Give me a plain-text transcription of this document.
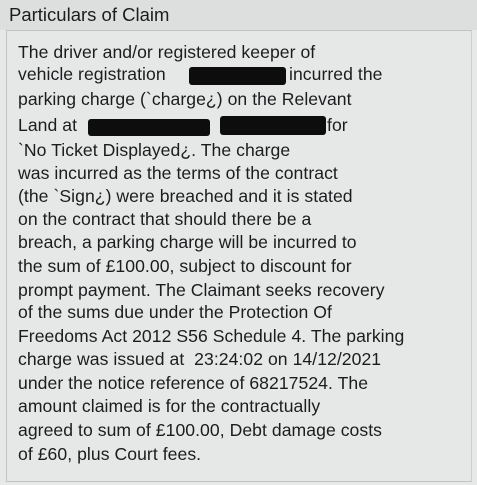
Particulars of Claim
The driver and/or registered keeper of
vehicle registration	incurred the
parking charge (`charge¿) on the Relevant
Land at	for
`No Ticket Displayed¿. The charge
was incurred as the terms of the contract
(the `Sign¿) were breached and it is stated
on the contract that should there be a
breach, a parking charge will be incurred to
the sum of £100.00, subject to discount for
prompt payment. The Claimant seeks recovery
of the sums due under the Protection Of
Freedoms Act 2012 S56 Schedule 4. The parking
charge was issued at  23:24:02 on 14/12/2021
under the notice reference of 68217524. The
amount claimed is for the contractually
agreed to sum of £100.00, Debt damage costs
of £60, plus Court fees.
